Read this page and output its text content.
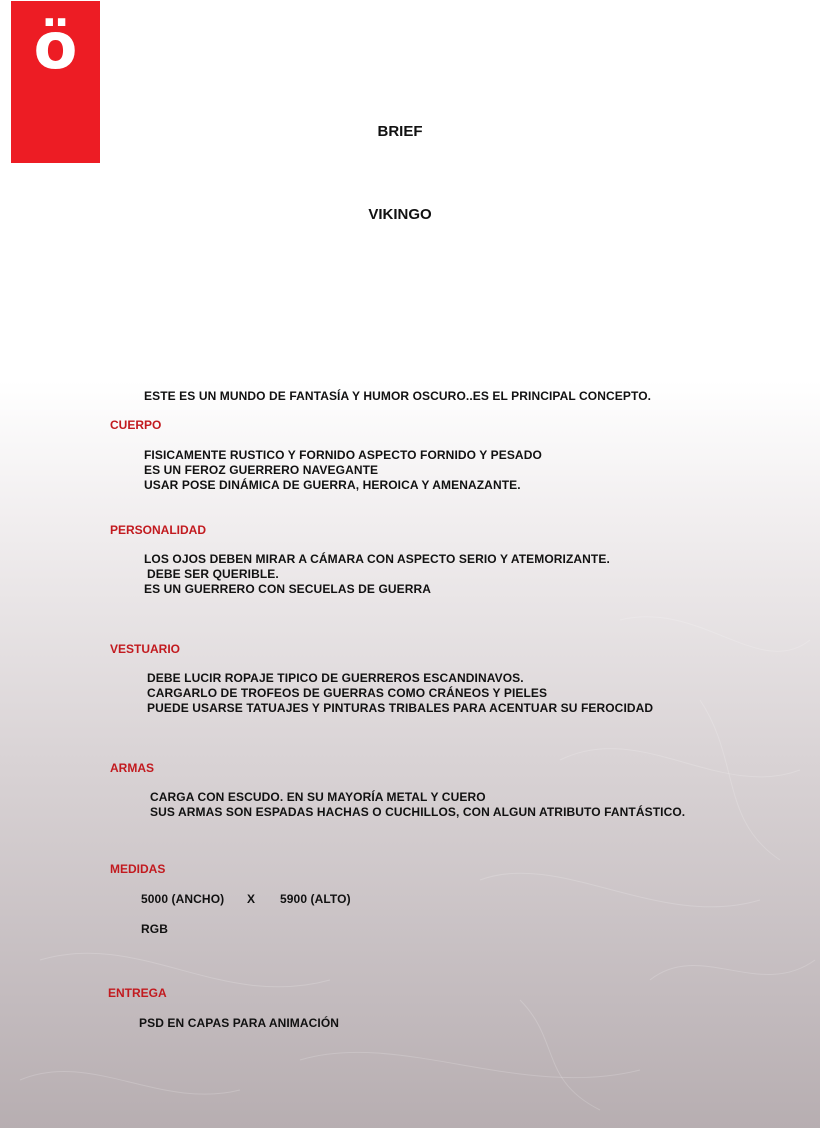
ö
BRIEF
VIKINGO
ESTE ES UN MUNDO DE FANTASÍA Y HUMOR OSCURO..ES EL PRINCIPAL CONCEPTO.
CUERPO
FISICAMENTE RUSTICO Y FORNIDO ASPECTO FORNIDO Y PESADO
ES UN FEROZ GUERRERO NAVEGANTE
USAR POSE DINÁMICA DE GUERRA, HEROICA Y AMENAZANTE.
PERSONALIDAD
LOS OJOS DEBEN MIRAR A CÁMARA CON ASPECTO SERIO Y ATEMORIZANTE.
DEBE SER QUERIBLE.
ES UN GUERRERO CON SECUELAS DE GUERRA
VESTUARIO
DEBE LUCIR ROPAJE TIPICO DE GUERREROS ESCANDINAVOS.
CARGARLO DE TROFEOS DE GUERRAS COMO CRÁNEOS Y PIELES
PUEDE USARSE TATUAJES Y PINTURAS TRIBALES PARA ACENTUAR SU FEROCIDAD
ARMAS
CARGA CON ESCUDO. EN SU MAYORÍA METAL Y CUERO
SUS ARMAS SON ESPADAS HACHAS O CUCHILLOS, CON ALGUN ATRIBUTO FANTÁSTICO.
MEDIDAS
5000 (ANCHO) X 5900 (ALTO)
RGB
ENTREGA
PSD EN CAPAS PARA ANIMACIÓN
